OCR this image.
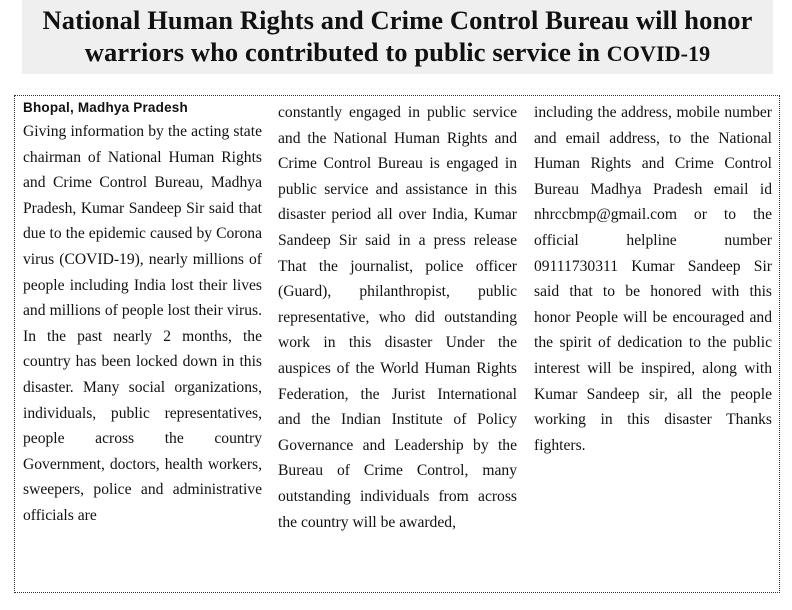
National Human Rights and Crime Control Bureau will honor
warriors who contributed to public service in COVID-19
Bhopal, Madhya Pradesh

Giving information by the acting state chairman of National Human Rights and Crime Control Bureau, Madhya Pradesh, Kumar Sandeep Sir said that due to the epidemic caused by Corona virus (COVID-19), nearly millions of people including India lost their lives and millions of people lost their virus. In the past nearly 2 months, the country has been locked down in this disaster. Many social organizations, individuals, public representatives, people across the country Government, doctors, health workers, sweepers, police and administrative officials are

constantly engaged in public service and the National Human Rights and Crime Control Bureau is engaged in public service and assistance in this disaster period all over India, Kumar Sandeep Sir said in a press release That the journalist, police officer (Guard), philanthropist, public representative, who did outstanding work in this disaster Under the auspices of the World Human Rights Federation, the Jurist International and the Indian Institute of Policy Governance and Leadership by the Bureau of Crime Control, many outstanding individuals from across the country will be awarded,

including the address, mobile number and email address, to the National Human Rights and Crime Control Bureau Madhya Pradesh email id nhrccbmp@gmail.com or to the official helpline number 09111730311 Kumar Sandeep Sir said that to be honored with this honor People will be encouraged and the spirit of dedication to the public interest will be inspired, along with Kumar Sandeep sir, all the people working in this disaster Thanks fighters.
